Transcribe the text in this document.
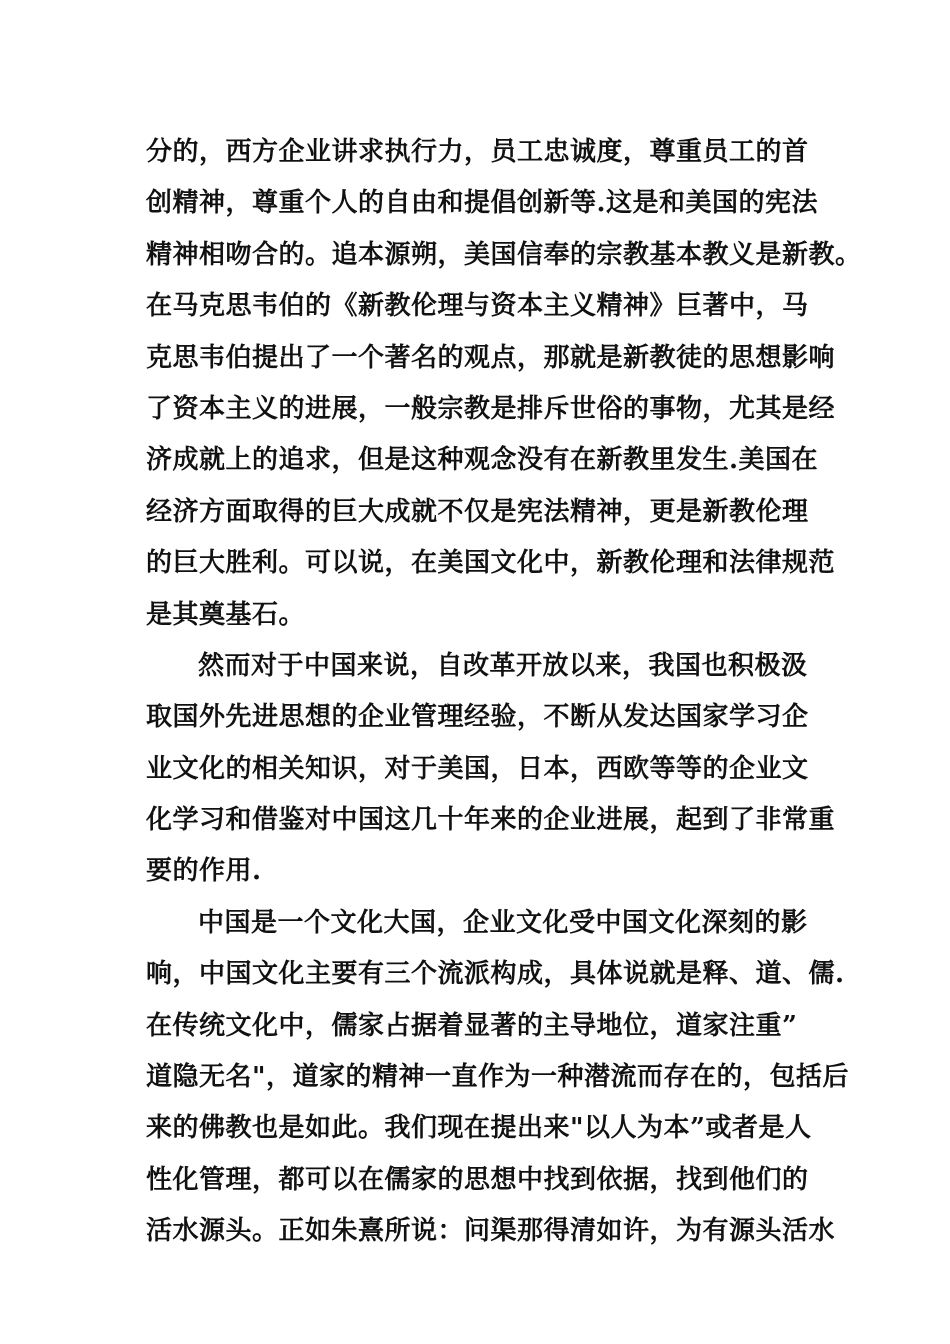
分的，西方企业讲求执行力，员工忠诚度，尊重员工的首
创精神，尊重个人的自由和提倡创新等.这是和美国的宪法
精神相吻合的。追本源朔，美国信奉的宗教基本教义是新教。
在马克思韦伯的《新教伦理与资本主义精神》巨著中，马
克思韦伯提出了一个著名的观点，那就是新教徒的思想影响
了资本主义的进展，一般宗教是排斥世俗的事物，尤其是经
济成就上的追求，但是这种观念没有在新教里发生.美国在
经济方面取得的巨大成就不仅是宪法精神，更是新教伦理
的巨大胜利。可以说，在美国文化中，新教伦理和法律规范
是其奠基石。
然而对于中国来说，自改革开放以来，我国也积极汲
取国外先进思想的企业管理经验，不断从发达国家学习企
业文化的相关知识，对于美国，日本，西欧等等的企业文
化学习和借鉴对中国这几十年来的企业进展，起到了非常重
要的作用.
中国是一个文化大国，企业文化受中国文化深刻的影
响，中国文化主要有三个流派构成，具体说就是释、道、儒.
在传统文化中，儒家占据着显著的主导地位，道家注重”
道隐无名"，道家的精神一直作为一种潜流而存在的，包括后
来的佛教也是如此。我们现在提出来"以人为本”或者是人
性化管理，都可以在儒家的思想中找到依据，找到他们的
活水源头。正如朱熹所说：问渠那得清如许，为有源头活水
